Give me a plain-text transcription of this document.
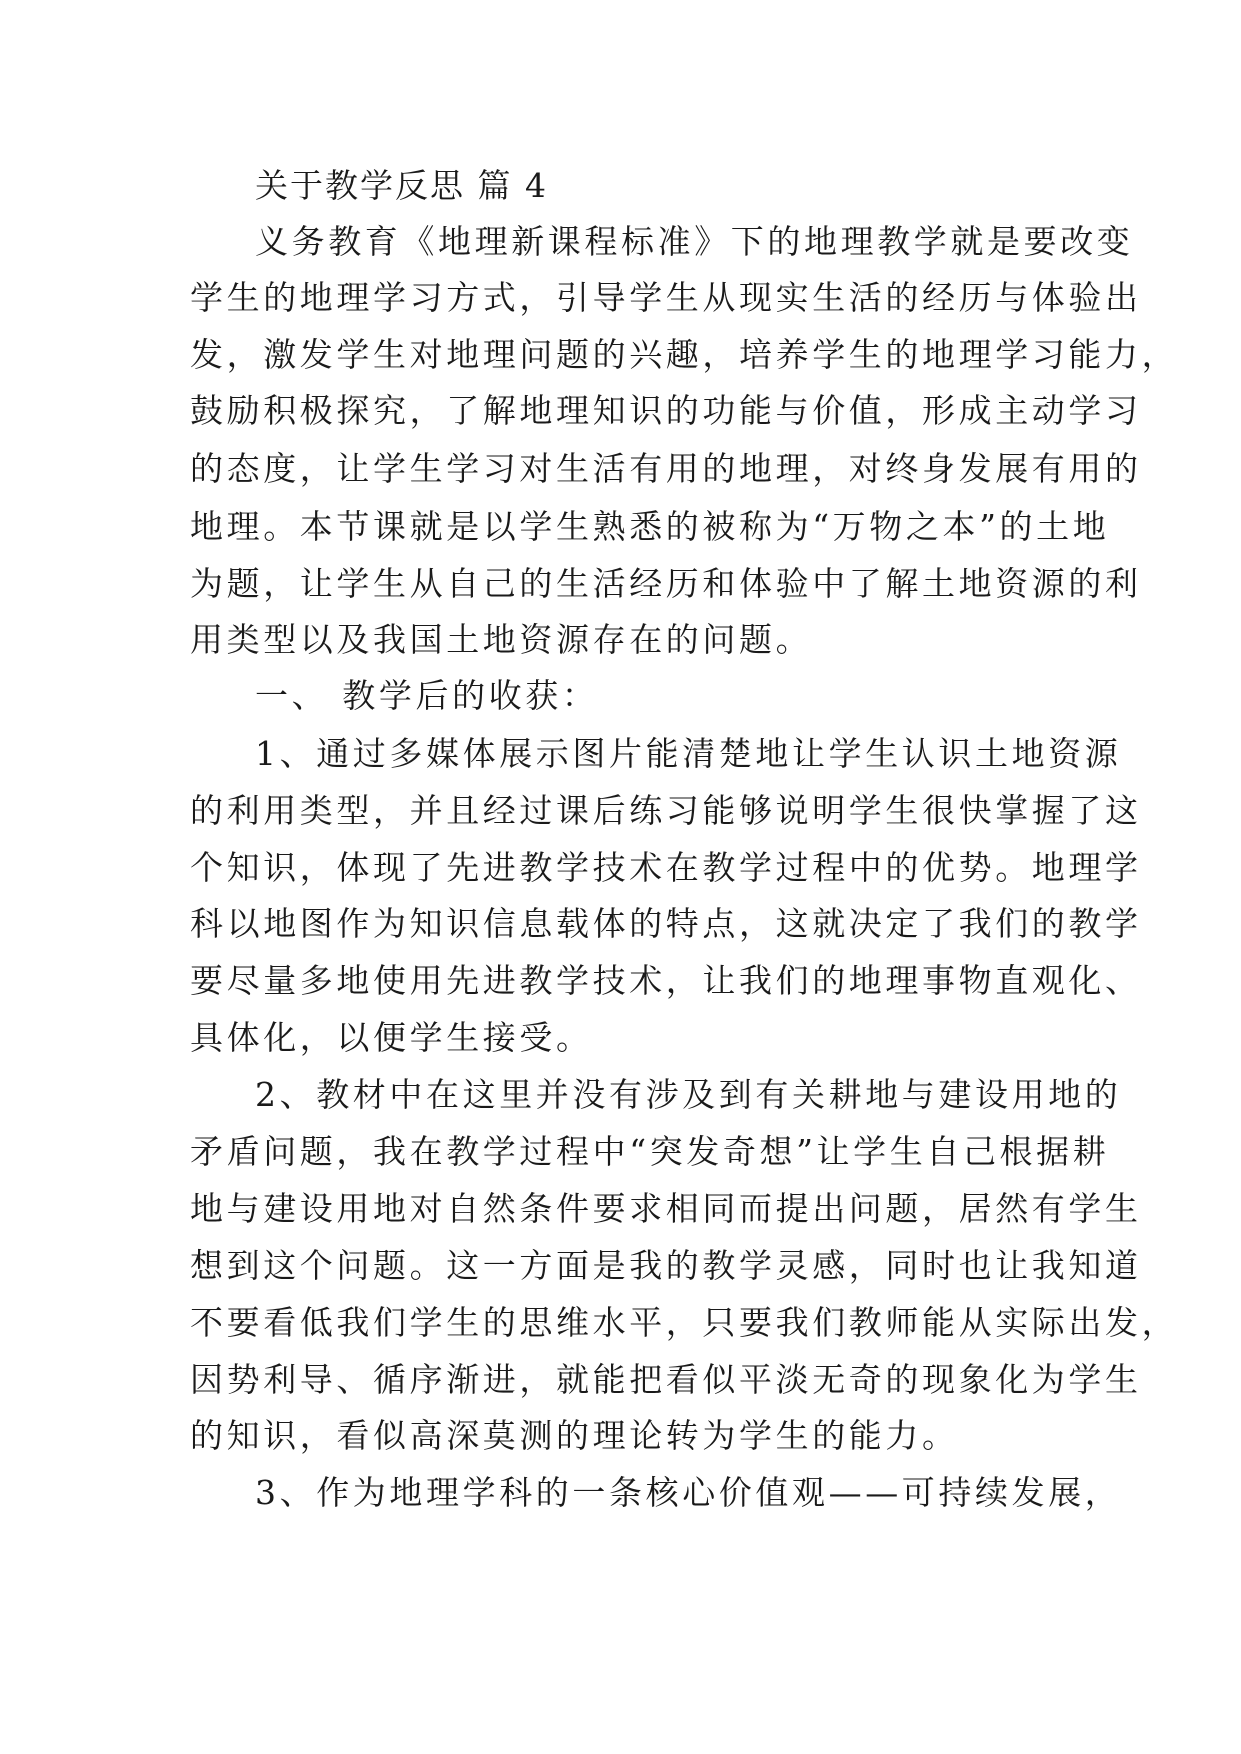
关于教学反思 篇 4
义务教育《地理新课程标准》下的地理教学就是要改变
学生的地理学习方式，引导学生从现实生活的经历与体验出
发，激发学生对地理问题的兴趣，培养学生的地理学习能力，
鼓励积极探究，了解地理知识的功能与价值，形成主动学习
的态度，让学生学习对生活有用的地理，对终身发展有用的
地理。本节课就是以学生熟悉的被称为“万物之本”的土地
为题，让学生从自己的生活经历和体验中了解土地资源的利
用类型以及我国土地资源存在的问题。
一、 教学后的收获：
1、通过多媒体展示图片能清楚地让学生认识土地资源
的利用类型，并且经过课后练习能够说明学生很快掌握了这
个知识，体现了先进教学技术在教学过程中的优势。地理学
科以地图作为知识信息载体的特点，这就决定了我们的教学
要尽量多地使用先进教学技术，让我们的地理事物直观化、
具体化，以便学生接受。
2、教材中在这里并没有涉及到有关耕地与建设用地的
矛盾问题，我在教学过程中“突发奇想”让学生自己根据耕
地与建设用地对自然条件要求相同而提出问题，居然有学生
想到这个问题。这一方面是我的教学灵感，同时也让我知道
不要看低我们学生的思维水平，只要我们教师能从实际出发，
因势利导、循序渐进，就能把看似平淡无奇的现象化为学生
的知识，看似高深莫测的理论转为学生的能力。
3、作为地理学科的一条核心价值观——可持续发展，
